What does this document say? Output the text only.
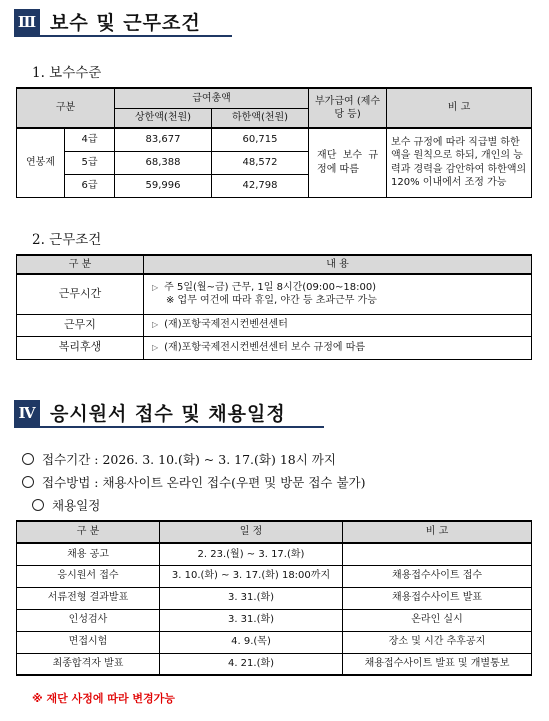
Ⅲ 보수 및 근무조건
1. 보수수준
구분		급여총액		부가급여 (제수당 등)	비 고
		상한액(천원)	하한액(천원)		
연봉제	4급	83,677	60,715	재단 보수 규정에 따름	보수 규정에 따라 직급별 하한액을 원칙으로 하되, 개인의 능력과 경력을 감안하여 하한액의 120% 이내에서 조정 가능
	5급	68,388	48,572		
	6급	59,996	42,798		
2. 근무조건
구 분	내 용
근무시간	▷ 주 5일(월~금) 근무, 1일 8시간(09:00~18:00)
※ 업무 여건에 따라 휴일, 야간 등 초과근무 가능

근무지	▷ (재)포항국제전시컨벤션센터
복리후생	▷ (재)포항국제전시컨벤션센터 보수 규정에 따름
Ⅳ 응시원서 접수 및 채용일정
접수기간 : 2026. 3. 10.(화) ~ 3. 17.(화) 18시 까지
접수방법 : 채용사이트 온라인 접수(우편 및 방문 접수 불가)
채용일정
구 분	일 정	비 고
채용 공고	2. 23.(월) ~ 3. 17.(화)	
응시원서 접수	3. 10.(화) ~ 3. 17.(화) 18:00까지	채용접수사이트 접수
서류전형 결과발표	3. 31.(화)	채용접수사이트 발표
인성검사	3. 31.(화)	온라인 실시
면접시험	4. 9.(목)	장소 및 시간 추후공지
최종합격자 발표	4. 21.(화)	채용접수사이트 발표 및 개별통보
※ 재단 사정에 따라 변경가능
